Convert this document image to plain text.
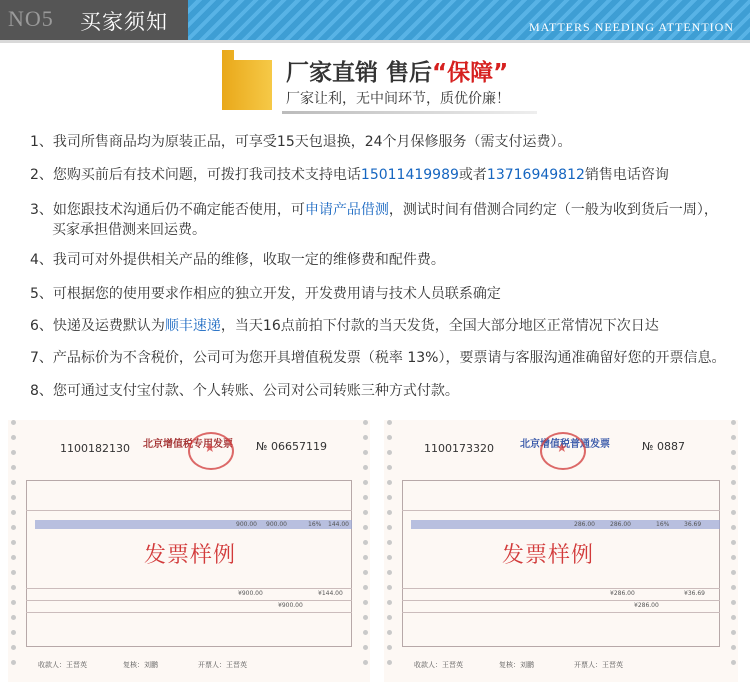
NO5 买家须知	MATTERS NEEDING ATTENTION
厂家直销 售后“保障”
厂家让利，无中间环节，质优价廉！
1、我司所售商品均为原装正品，可享受15天包退换，24个月保修服务（需支付运费）。
2、您购买前后有技术问题，可拨打我司技术支持电话15011419989或者13716949812销售电话咨询
3、如您跟技术沟通后仍不确定能否使用，可申请产品借测，测试时间有借测合同约定（一般为收到货后一周），
买家承担借测来回运费。
4、我司可对外提供相关产品的维修，收取一定的维修费和配件费。
5、可根据您的使用要求作相应的独立开发，开发费用请与技术人员联系确定
6、快递及运费默认为顺丰速递，当天16点前拍下付款的当天发货，全国大部分地区正常情况下次日达
7、产品标价为不含税价，公司可为您开具增值税发票（税率 13%），要票请与客服沟通准确留好您的开票信息。
8、您可通过支付宝付款、个人转账、公司对公司转账三种方式付款。
1100182130 北京增值税专用发票 ★ № 06657119
900.00 900.00	16% 144.00
发票样例
¥900.00	¥144.00
¥900.00
收款人：王晋英	复核：刘鹏	开票人：王晋英
1100173320	北京增值税普通发票 ★	№ 0887
286.00	286.00	16% 36.69
发票样例
¥286.00	¥36.69
¥286.00
收款人：王晋英	复核：刘鹏	开票人：王晋英
